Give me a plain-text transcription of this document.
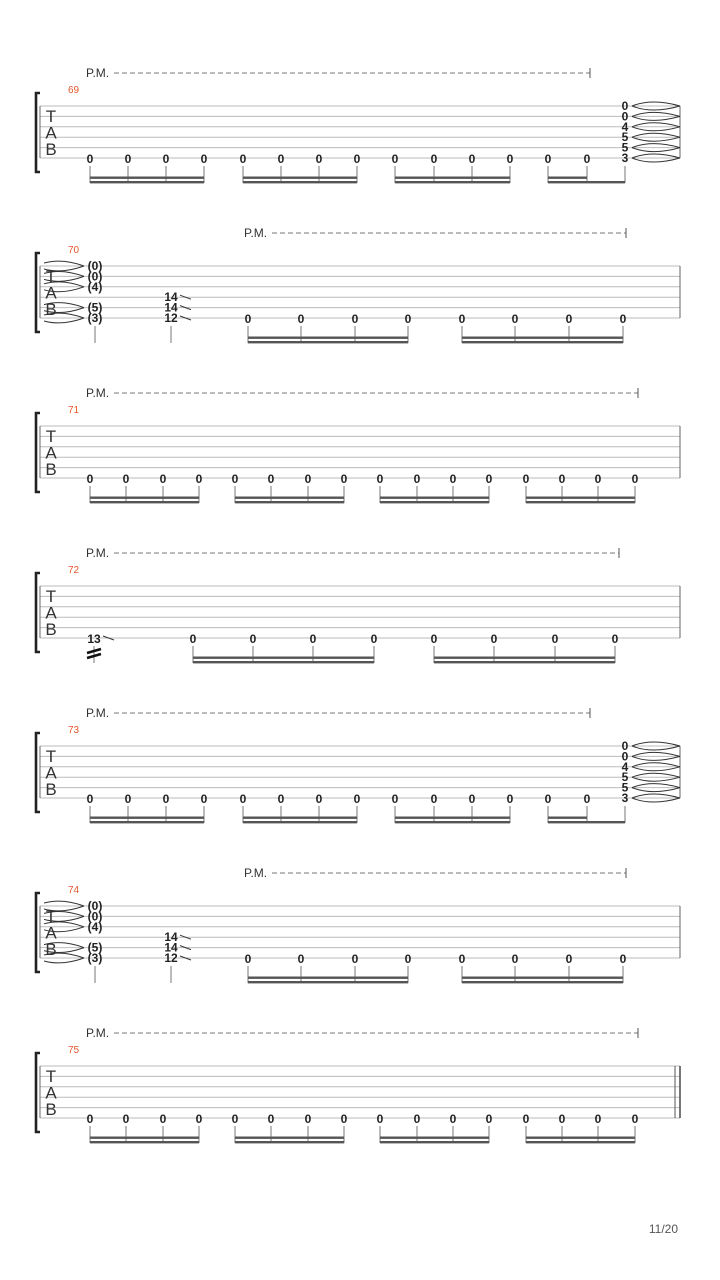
P.M.
T
A
B
69
0	0	0	0	0	0	0	0	0	0	0	0	0	0
0
0
4
5
5
3
P.M.
T
A
B
70
(0)
(0)
(4)
(5)
(3)
14
14
12	0	0	0	0	0	0	0	0
P.M.
T
A
B
71
0 0	0 0 0 0	0 0 0	0 0 0	0 0 0	0
P.M.
T
A
B
72
13	0	0	0	0	0	0	0	0
P.M.
T
A
B
73
0	0	0	0	0	0	0	0	0	0	0	0	0	0
0
0
4
5
5
3
P.M.
T
A
B
74
(0)
(0)
(4)
(5)
(3)
14
14
12	0	0	0	0	0	0	0	0
P.M.
T
A
B
75
0 0	0 0 0 0	0 0 0	0 0 0	0 0 0	0
11/20
